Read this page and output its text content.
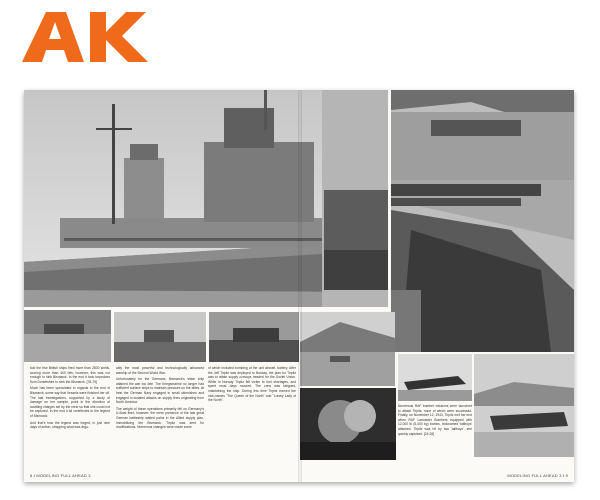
told the few British ships fired more than 2800 shells, scoring more than 400 hits; however, this was not enough to sink Bismarck. In the end it took torpedoes from Dorsetshire to sink the Bismarck. [78-79]

Much has been speculated in regards to the end of Bismarck; some say that Vessels were finished her off. The last investigations, supported by a study of damage on her sample, point in the direction of scuttling charges set by the crew so that she could not be captured. In the end it all contributes to the legend of Bismarck.

And that's how the legend was forged, in just nine days of action, strapping what was argu-

ably the most powerful and technologically advanced warship of the Second World War.

Unfortunately for the Germans, Bismarck's sister ship attained the war too late. The Kriegsmarine no longer had sufficient surface ships to maintain pressure on the allies. At best the German Navy engaged in small skirmishes and engaged in isolated attacks on supply lines originating from North America.

The weight of these operations primarily fell on Germany's U-Boat fleet, however, the mere presence of the last great German battleship waited pains in the Allied supply plan, immobilizing the Bismarck. Tirpitz was sent for modifications. Numerous changes were made some

of which included bombing of the unit aircraft. battery. After the Jeff Tirpitz was deployed to Norway, the plan for Tirpitz was to attain supply convoys headed for the Soviet Union. While in Norway Tirpitz fell victim to fuel shortages, and spent most days moored. The crew was fatigued, maintaining the ship. During this time Tirpitz earned the nick-names "The Queen of the North" and "Lonely Lady of the North".

Numerous RAF bomber missions were launched to attack Tirpitz, none of which were successful. Finally, on November 12, 1944, Tirpitz met her end when RAF Lancaster Bombers equipped with 12,000 lb (5,400 kg) bombs, tricknamed 'tallboys' attacked. Tirpitz was hit by two 'tallboys', she quickly capsized. [24-26]

8 / MODELING FULL AHEAD 3	MODELING FULL AHEAD 3 / 9
